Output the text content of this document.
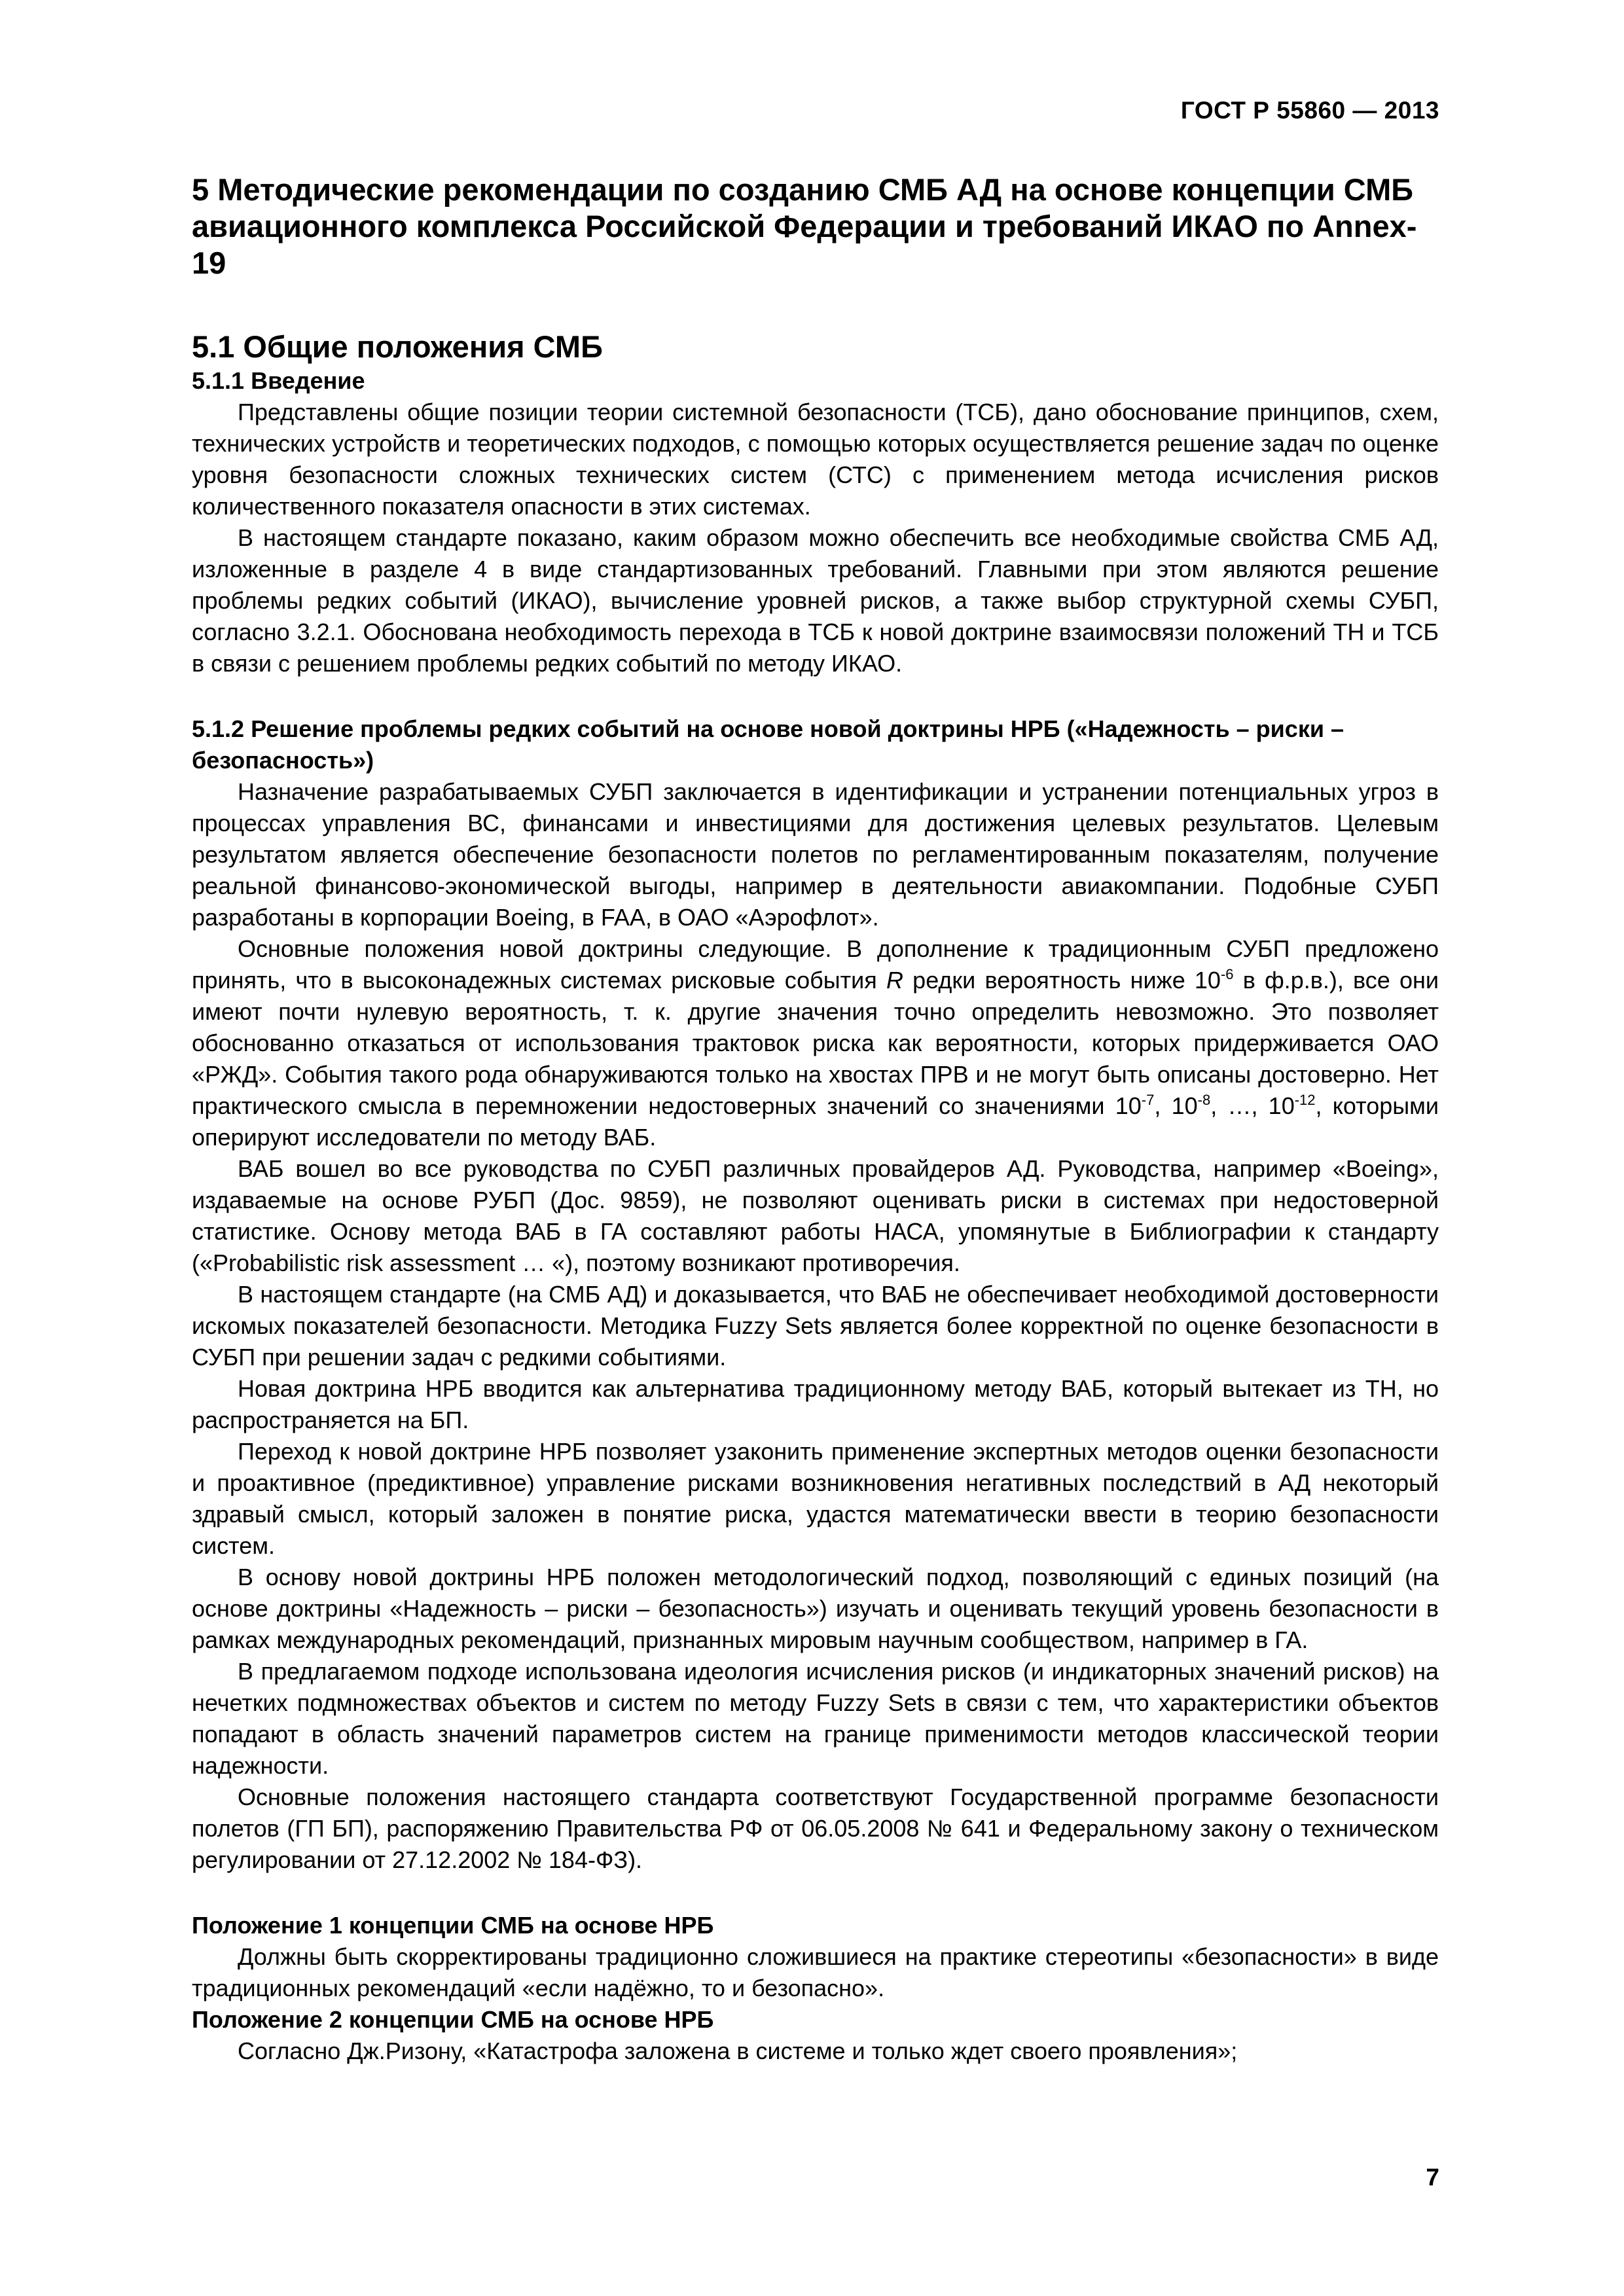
ГОСТ Р 55860 — 2013
5 Методические рекомендации по созданию СМБ АД на основе концепции СМБ авиационного комплекса Российской Федерации и требований ИКАО по Annex-19
5.1 Общие положения СМБ
5.1.1 Введение

Представлены общие позиции теории системной безопасности (ТСБ), дано обоснование принципов, схем, технических устройств и теоретических подходов, с помощью которых осуществляется решение задач по оценке уровня безопасности сложных технических систем (СТС) с применением метода исчисления рисков количественного показателя опасности в этих системах.

В настоящем стандарте показано, каким образом можно обеспечить все необходимые свойства СМБ АД, изложенные в разделе 4 в виде стандартизованных требований. Главными при этом являются решение проблемы редких событий (ИКАО), вычисление уровней рисков, а также выбор структурной схемы СУБП, согласно 3.2.1. Обоснована необходимость перехода в ТСБ к новой доктрине взаимосвязи положений ТН и ТСБ в связи с решением проблемы редких событий по методу ИКАО.

5.1.2 Решение проблемы редких событий на основе новой доктрины НРБ («Надежность – риски – безопасность»)

Назначение разрабатываемых СУБП заключается в идентификации и устранении потенциальных угроз в процессах управления ВС, финансами и инвестициями для достижения целевых результатов. Целевым результатом является обеспечение безопасности полетов по регламентированным показателям, получение реальной финансово-экономической выгоды, например в деятельности авиакомпании. Подобные СУБП разработаны в корпорации Boeing, в FAA, в ОАО «Аэрофлот».

Основные положения новой доктрины следующие. В дополнение к традиционным СУБП предложено принять, что в высоконадежных системах рисковые события R редки вероятность ниже $10^{-6}$ в ф.р.в.), все они имеют почти нулевую вероятность, т. к. другие значения точно определить невозможно. Это позволяет обоснованно отказаться от использования трактовок риска как вероятности, которых придерживается ОАО «РЖД». События такого рода обнаруживаются только на хвостах ПРВ и не могут быть описаны достоверно. Нет практического смысла в перемножении недостоверных значений со значениями $10^{-7}$, $10^{-8}$, …, $10^{-12}$, которыми оперируют исследователи по методу ВАБ.

ВАБ вошел во все руководства по СУБП различных провайдеров АД. Руководства, например «Boeing», издаваемые на основе РУБП (Дос. 9859), не позволяют оценивать риски в системах при недостоверной статистике. Основу метода ВАБ в ГА составляют работы НАСА, упомянутые в Библиографии к стандарту («Probabilistic risk assessment … «), поэтому возникают противоречия.

В настоящем стандарте (на СМБ АД) и доказывается, что ВАБ не обеспечивает необходимой достоверности искомых показателей безопасности. Методика Fuzzy Sets является более корректной по оценке безопасности в СУБП при решении задач с редкими событиями.

Новая доктрина НРБ вводится как альтернатива традиционному методу ВАБ, который вытекает из ТН, но распространяется на БП.

Переход к новой доктрине НРБ позволяет узаконить применение экспертных методов оценки безопасности и проактивное (предиктивное) управление рисками возникновения негативных последствий в АД некоторый здравый смысл, который заложен в понятие риска, удастся математически ввести в теорию безопасности систем.

В основу новой доктрины НРБ положен методологический подход, позволяющий с единых позиций (на основе доктрины «Надежность – риски – безопасность») изучать и оценивать текущий уровень безопасности в рамках международных рекомендаций, признанных мировым научным сообществом, например в ГА.

В предлагаемом подходе использована идеология исчисления рисков (и индикаторных значений рисков) на нечетких подмножествах объектов и систем по методу Fuzzy Sets в связи с тем, что характеристики объектов попадают в область значений параметров систем на границе применимости методов классической теории надежности.

Основные положения настоящего стандарта соответствуют Государственной программе безопасности полетов (ГП БП), распоряжению Правительства РФ от 06.05.2008 № 641 и Федеральному закону о техническом регулировании от 27.12.2002 № 184-ФЗ).

Положение 1 концепции СМБ на основе НРБ

Должны быть скорректированы традиционно сложившиеся на практике стереотипы «безопасности» в виде традиционных рекомендаций «если надёжно, то и безопасно».

Положение 2 концепции СМБ на основе НРБ

Согласно Дж.Ризону, «Катастрофа заложена в системе и только ждет своего проявления»;

7
